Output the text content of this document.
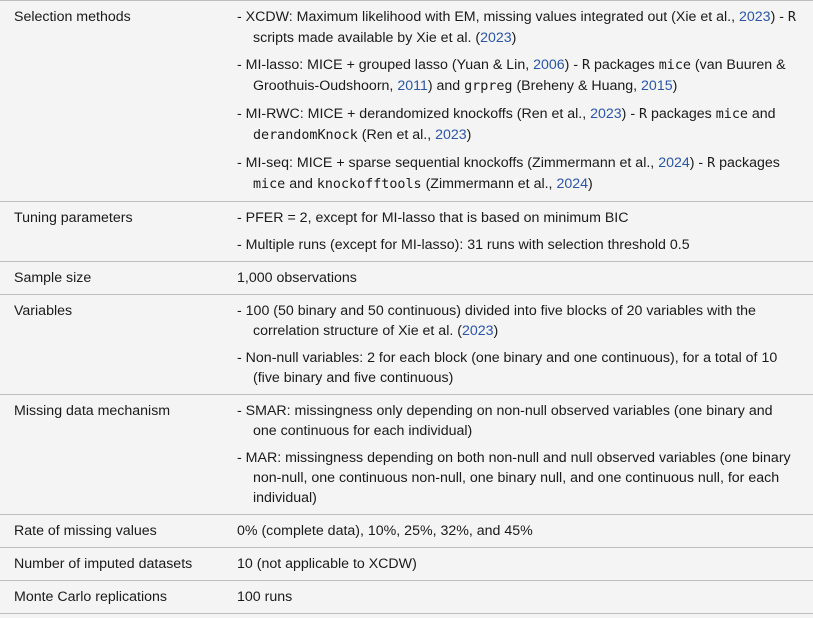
Selection methods	- XCDW: Maximum likelihood with EM, missing values integrated out (Xie et al., 2023) - R scripts made available by Xie et al. (2023)
- MI-lasso: MICE + grouped lasso (Yuan & Lin, 2006) - R packages mice (van Buuren & Groothuis-Oudshoorn, 2011) and grpreg (Breheny & Huang, 2015)
- MI-RWC: MICE + derandomized knockoffs (Ren et al., 2023) - R packages mice and derandomKnock (Ren et al., 2023)
- MI-seq: MICE + sparse sequential knockoffs (Zimmermann et al., 2024) - R packages mice and knockofftools (Zimmermann et al., 2024)

Tuning parameters	- PFER = 2, except for MI-lasso that is based on minimum BIC
- Multiple runs (except for MI-lasso): 31 runs with selection threshold 0.5

Sample size	1,000 observations

Variables	- 100 (50 binary and 50 continuous) divided into five blocks of 20 variables with the correlation structure of Xie et al. (2023)
- Non-null variables: 2 for each block (one binary and one continuous), for a total of 10 (five binary and five continuous)

Missing data mechanism	- SMAR: missingness only depending on non-null observed variables (one binary and one continuous for each individual)
- MAR: missingness depending on both non-null and null observed variables (one binary non-null, one continuous non-null, one binary null, and one continuous null, for each individual)

Rate of missing values	0% (complete data), 10%, 25%, 32%, and 45%

Number of imputed datasets	10 (not applicable to XCDW)

Monte Carlo replications	100 runs
